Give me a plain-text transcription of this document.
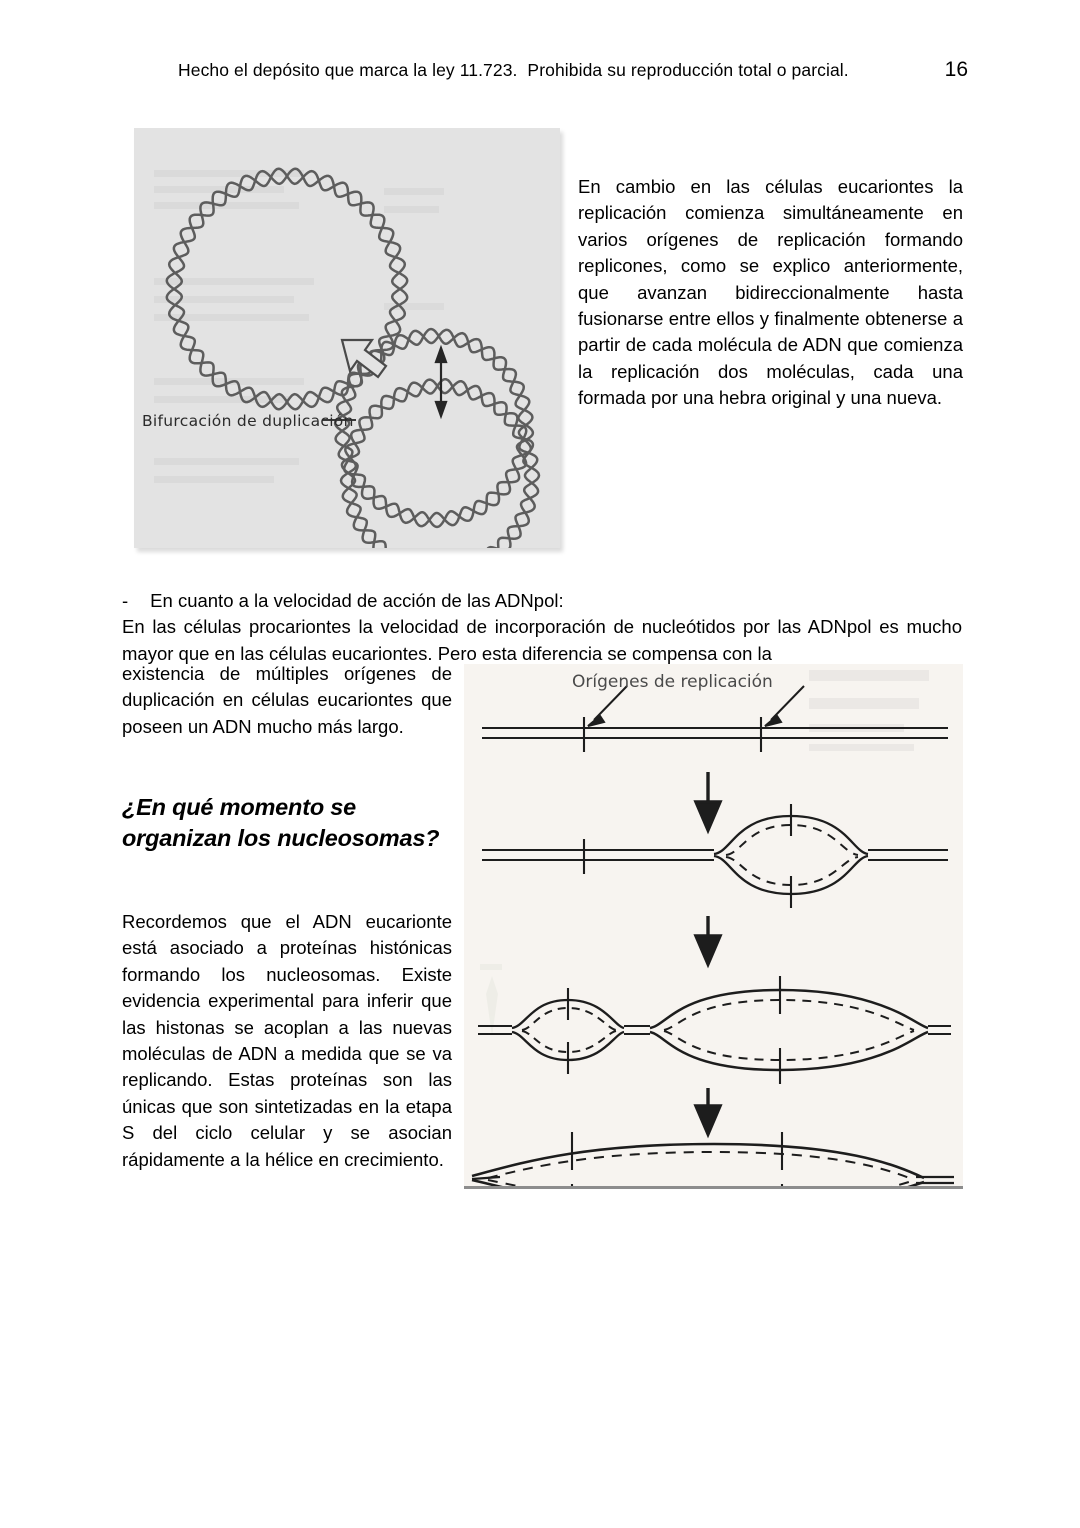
Hecho el depósito que marca la ley 11.723.  Prohibida su reproducción total o parcial.	16
Bifurcación de duplicación
En cambio en las células eucariontes la replicación comienza simultáneamente en varios orígenes de replicación formando replicones, como se explico anteriormente, que avanzan bidireccionalmente hasta fusionarse entre ellos y finalmente obtenerse a partir de cada molécula de ADN que comienza la replicación dos moléculas, cada una formada por una hebra original y una nueva.
- En cuanto a la velocidad de acción de las ADNpol:
En las células procariontes la velocidad de incorporación de nucleótidos por las ADNpol es mucho mayor que en las células eucariontes. Pero esta diferencia se compensa con la
existencia de múltiples orígenes de duplicación en células eucariontes que poseen un ADN mucho más largo.
¿En qué momento se organizan los nucleosomas?
Recordemos que el ADN eucarionte está asociado a proteínas histónicas formando los nucleosomas. Existe evidencia experimental para inferir que las histonas se acoplan a las nuevas moléculas de ADN a medida que se va replicando. Estas proteínas son las únicas que son sintetizadas en la etapa S del ciclo celular y se asocian rápidamente a la hélice en crecimiento.
Orígenes de replicación
